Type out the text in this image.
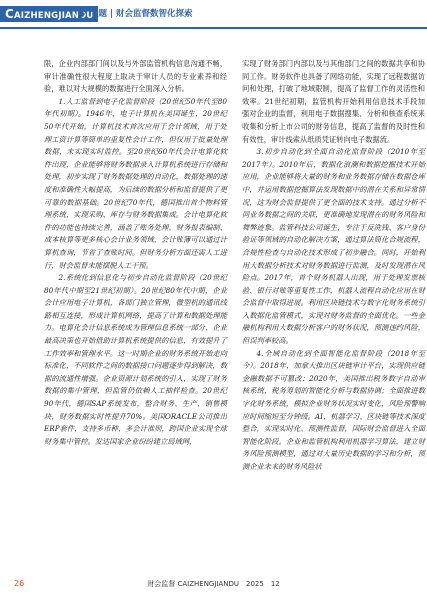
CAIZHENGJIANDU
专题 | 财会监督数智化探索

限，企业内部部门间以及与外部监管机构信息沟通不畅，审计准确性很大程度上取决于审计人员的专业素养和经验，难以对大规模的数据进行全面深入分析。

1.人工监督到电子化监督阶段（20世纪50年代至80年代初期）。1946年，电子计算机在美国诞生，20世纪50年代开始，计算机技术首次应用于会计领域，用于处理工资计算等简单的重复性会计工作，但仅用于批量处理数据，未实现实时监控。至20世纪60年代会计电算化软件出现，企业能够将财务数据录入计算机系统进行存储和处理，初步实现了财务数据处理的自动化，数据处理的速度和准确性大幅提高，为后续的数据分析和监督提供了更可靠的数据基础。20世纪70年代，德国推出首个物料管理系统，实现采购、库存与财务数据集成。会计电算化软件的功能也持续完善，涵盖了账务处理、财务报表编制、成本核算等更多核心会计业务领域，会计账簿可以通过计算机查询，节省了查账时间。但财务分析方面还需人工进行，财会监督未能摆脱人工干预。

2.系统化到信息化与初步自动化监督阶段（20世纪80年代中期至21世纪初期）。20世纪80年代中期，企业会计应用电子计算机，各部门独立管理，微型机的通讯线路相互连接，形成计算机网络，提高了计算和数据处理能力。电算化会计信息系统成为管理信息系统一部分，企业最高决策也开始借助计算机系统提供的信息，有效提升了工作效率和管理水平。这一时期企业的财务系统开始走向标准化，不同软件之间的数据接口问题逐步得到解决，数据的流通性增强。企业资源计划系统的引入，实现了财务数据的集中管理，但监管仍依赖人工抽样检查。20世纪90年代，德国SAP系统发布，整合财务、生产、销售模块，财务数据实时性提升70%。美国ORACLE公司推出ERP套件，支持多币种、多会计准则，跨国企业实现全球财务集中管控。发达国家企业纷纷建立局域网，

实现了财务部门内部以及与其他部门之间的数据共享和协同工作。财务软件也具备了网络功能，实现了远程数据访问和处理，打破了地域限制，提高了监督工作的灵活性和效率。21世纪初期，监管机构开始利用信息技术手段加强对企业的监督，利用电子数据搜集、分析和核查系统来收集和分析上市公司的财务信息，提高了监督的及时性和有效性，审计线索从纸质凭证转向电子数据流。

3.初步自动化到全面自动化监督阶段（2010年至2017年）。2010年后，数据化浪潮和数据挖掘技术开始应用，企业能够将大量的财务和业务数据存储在数据仓库中，并运用数据挖掘算法发现数据中的潜在关系和异常情况，这为财会监督提供了更全面的技术支持。通过分析不同业务数据之间的关联，更准确地发现潜在的财务风险和舞弊迹象。监管科技公司诞生，专注于反洗钱、客户身份验证等领域的自动化解决方案，通过算法简化合规流程，合规性检查与自动化技术形成了初步融合。同时，开始利用大数据分析技术对财务数据进行监测，及时发现潜在风险点。2017年，首个财务机器人出现，用于处理发票核验、银行对账等重复性工作，机器人流程自动化应用在财会监督中取得进展。利用区块链技术与数字化财务系统引入数据化监管模式，实现对财务监督的全面优化。一些金融机构利用大数据分析客户的财务状况，预测违约风险，但误判率较高。

4.全域自动化到全面智能化监督阶段（2018年至今）。2018年，加拿大推出区块链审计平台，实现供应链金融数据不可篡改；2020年，美国推出税务数字自动审核系统，税务筹划的智能化分析与数据协调；全面推进数字化财务系统，模拟企业财务状况实时变化，风险预警响应时间缩短至分钟级。AI、机器学习、区块链等技术深度整合，实现实时化、预测性监督，国际财会监督进入全面智能化阶段。企业和监管机构利用机器学习算法，建立财务风险预测模型，通过对大量历史数据的学习和分析，预测企业未来的财务风险状

26	财会监督 CAIZHENGJIANDU　2025　12
